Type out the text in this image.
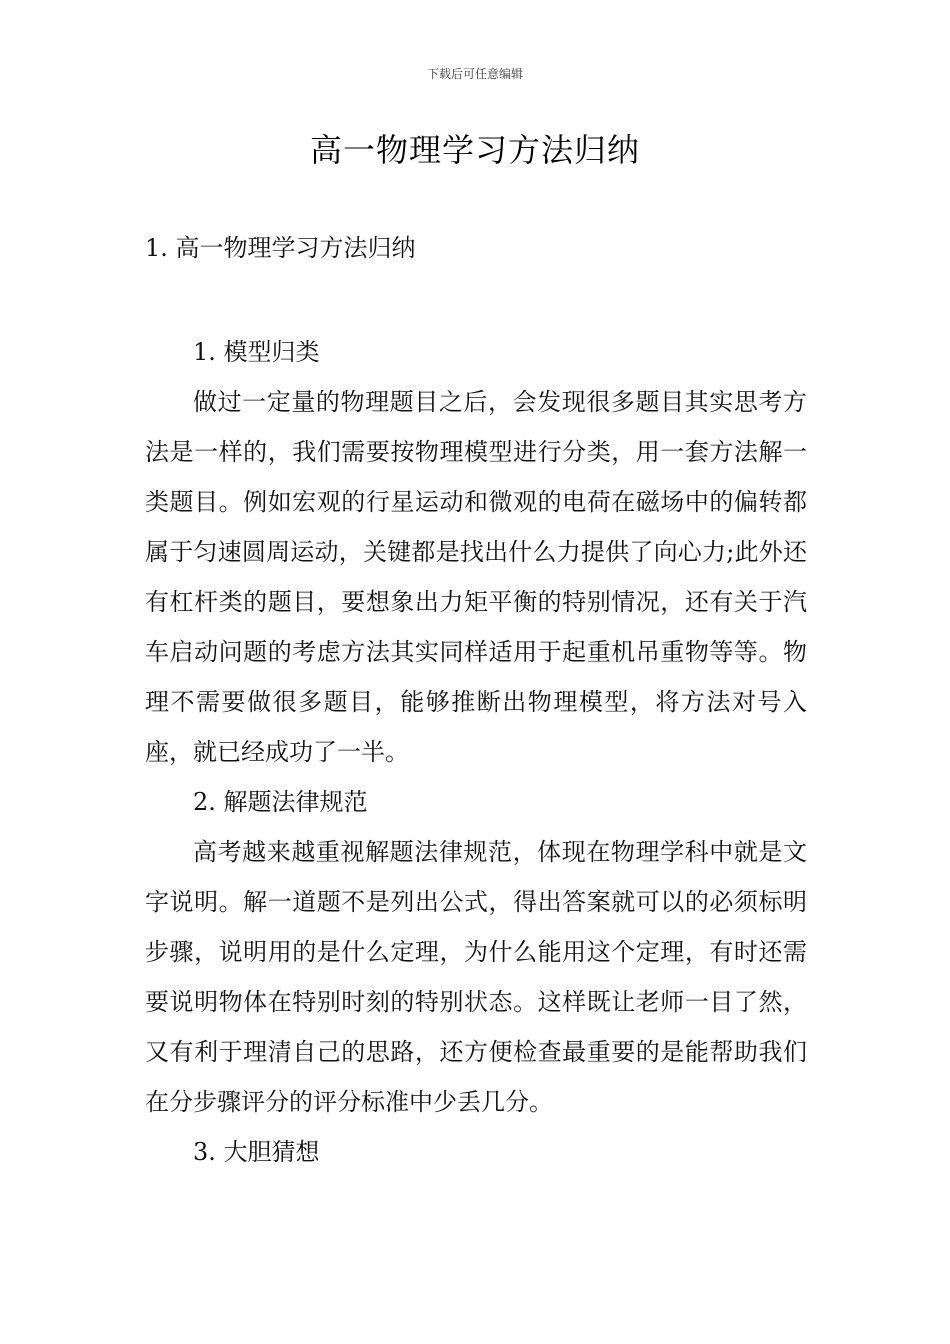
下载后可任意编辑
高一物理学习方法归纳
1. 高一物理学习方法归纳

1. 模型归类

做过一定量的物理题目之后，会发现很多题目其实思考方法是一样的，我们需要按物理模型进行分类，用一套方法解一类题目。例如宏观的行星运动和微观的电荷在磁场中的偏转都属于匀速圆周运动，关键都是找出什么力提供了向心力;此外还有杠杆类的题目，要想象出力矩平衡的特别情况，还有关于汽车启动问题的考虑方法其实同样适用于起重机吊重物等等。物理不需要做很多题目，能够推断出物理模型，将方法对号入座，就已经成功了一半。

2. 解题法律规范

高考越来越重视解题法律规范，体现在物理学科中就是文字说明。解一道题不是列出公式，得出答案就可以的必须标明步骤，说明用的是什么定理，为什么能用这个定理，有时还需要说明物体在特别时刻的特别状态。这样既让老师一目了然，又有利于理清自己的思路，还方便检查最重要的是能帮助我们在分步骤评分的评分标准中少丢几分。

3. 大胆猜想
